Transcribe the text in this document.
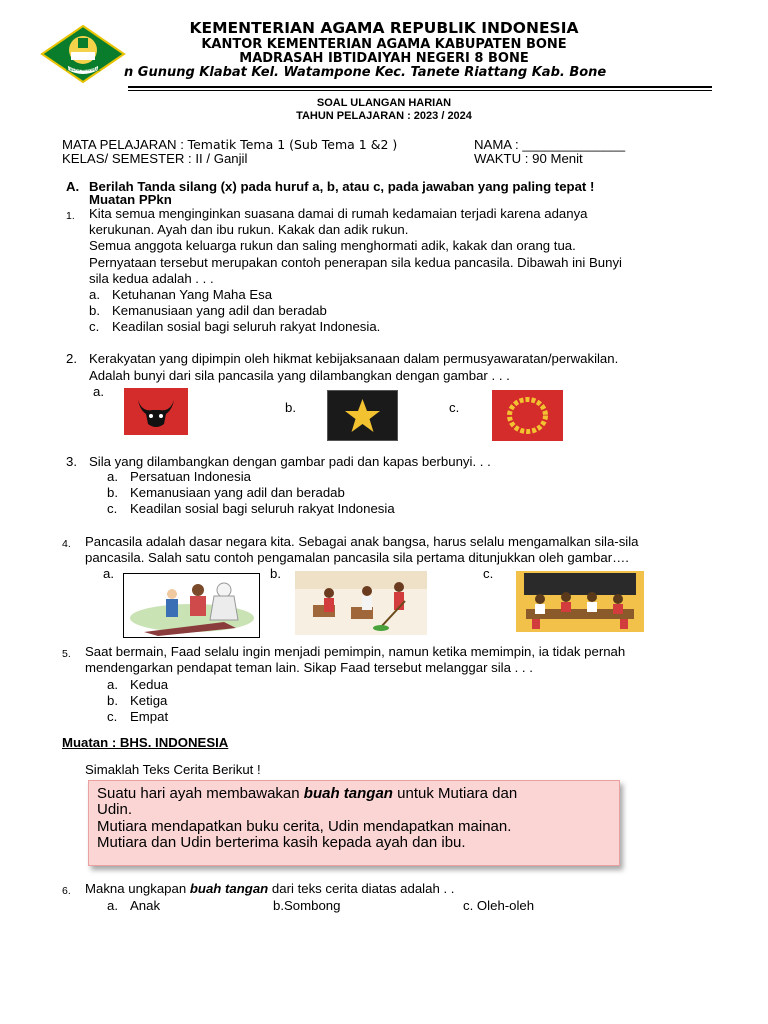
IKHLAS BERAMAL
KEMENTERIAN AGAMA REPUBLIK INDONESIA
KANTOR KEMENTERIAN AGAMA KABUPATEN BONE
MADRASAH IBTIDAIYAH NEGERI 8 BONE
n Gunung Klabat Kel. Watampone Kec. Tanete Riattang Kab. Bone
SOAL ULANGAN HARIAN
TAHUN PELAJARAN : 2023 / 2024
MATA PELAJARAN : Tematik Tema 1 (Sub Tema 1 &2 )	NAMA : ______________
KELAS/ SEMESTER : II / Ganjil	WAKTU : 90 Menit
A. Berilah Tanda silang (x) pada huruf a, b, atau c, pada jawaban yang paling tepat !
Muatan PPkn
1. Kita semua menginginkan suasana damai di rumah kedamaian terjadi karena adanya
kerukunan. Ayah dan ibu rukun. Kakak dan adik rukun.
Semua anggota keluarga rukun dan saling menghormati adik, kakak dan orang tua.
Pernyataan tersebut merupakan contoh penerapan sila kedua pancasila. Dibawah ini Bunyi
sila kedua adalah . . .
a. Ketuhanan Yang Maha Esa
b. Kemanusiaan yang adil dan beradab
c. Keadilan sosial bagi seluruh rakyat Indonesia.
2. Kerakyatan yang dipimpin oleh hikmat kebijaksanaan dalam permusyawaratan/perwakilan.
Adalah bunyi dari sila pancasila yang dilambangkan dengan gambar . . .
a.
b.	c.
3. Sila yang dilambangkan dengan gambar padi dan kapas berbunyi. . .
a. Persatuan Indonesia
b. Kemanusiaan yang adil dan beradab
c. Keadilan sosial bagi seluruh rakyat Indonesia
4. Pancasila adalah dasar negara kita. Sebagai anak bangsa, harus selalu mengamalkan sila-sila
pancasila. Salah satu contoh pengamalan pancasila sila pertama ditunjukkan oleh gambar….
a.	b.	c.
5. Saat bermain, Faad selalu ingin menjadi pemimpin, namun ketika memimpin, ia tidak pernah
mendengarkan pendapat teman lain. Sikap Faad tersebut melanggar sila . . .
a. Kedua
b. Ketiga
c. Empat
Muatan : BHS. INDONESIA
Simaklah Teks Cerita Berikut !
Suatu hari ayah membawakan buah tangan untuk Mutiara dan
Udin.
Mutiara mendapatkan buku cerita, Udin mendapatkan mainan.
Mutiara dan Udin berterima kasih kepada ayah dan ibu.
6. Makna ungkapan buah tangan dari teks cerita diatas adalah . .
a. Anak	b.Sombong	c. Oleh-oleh
